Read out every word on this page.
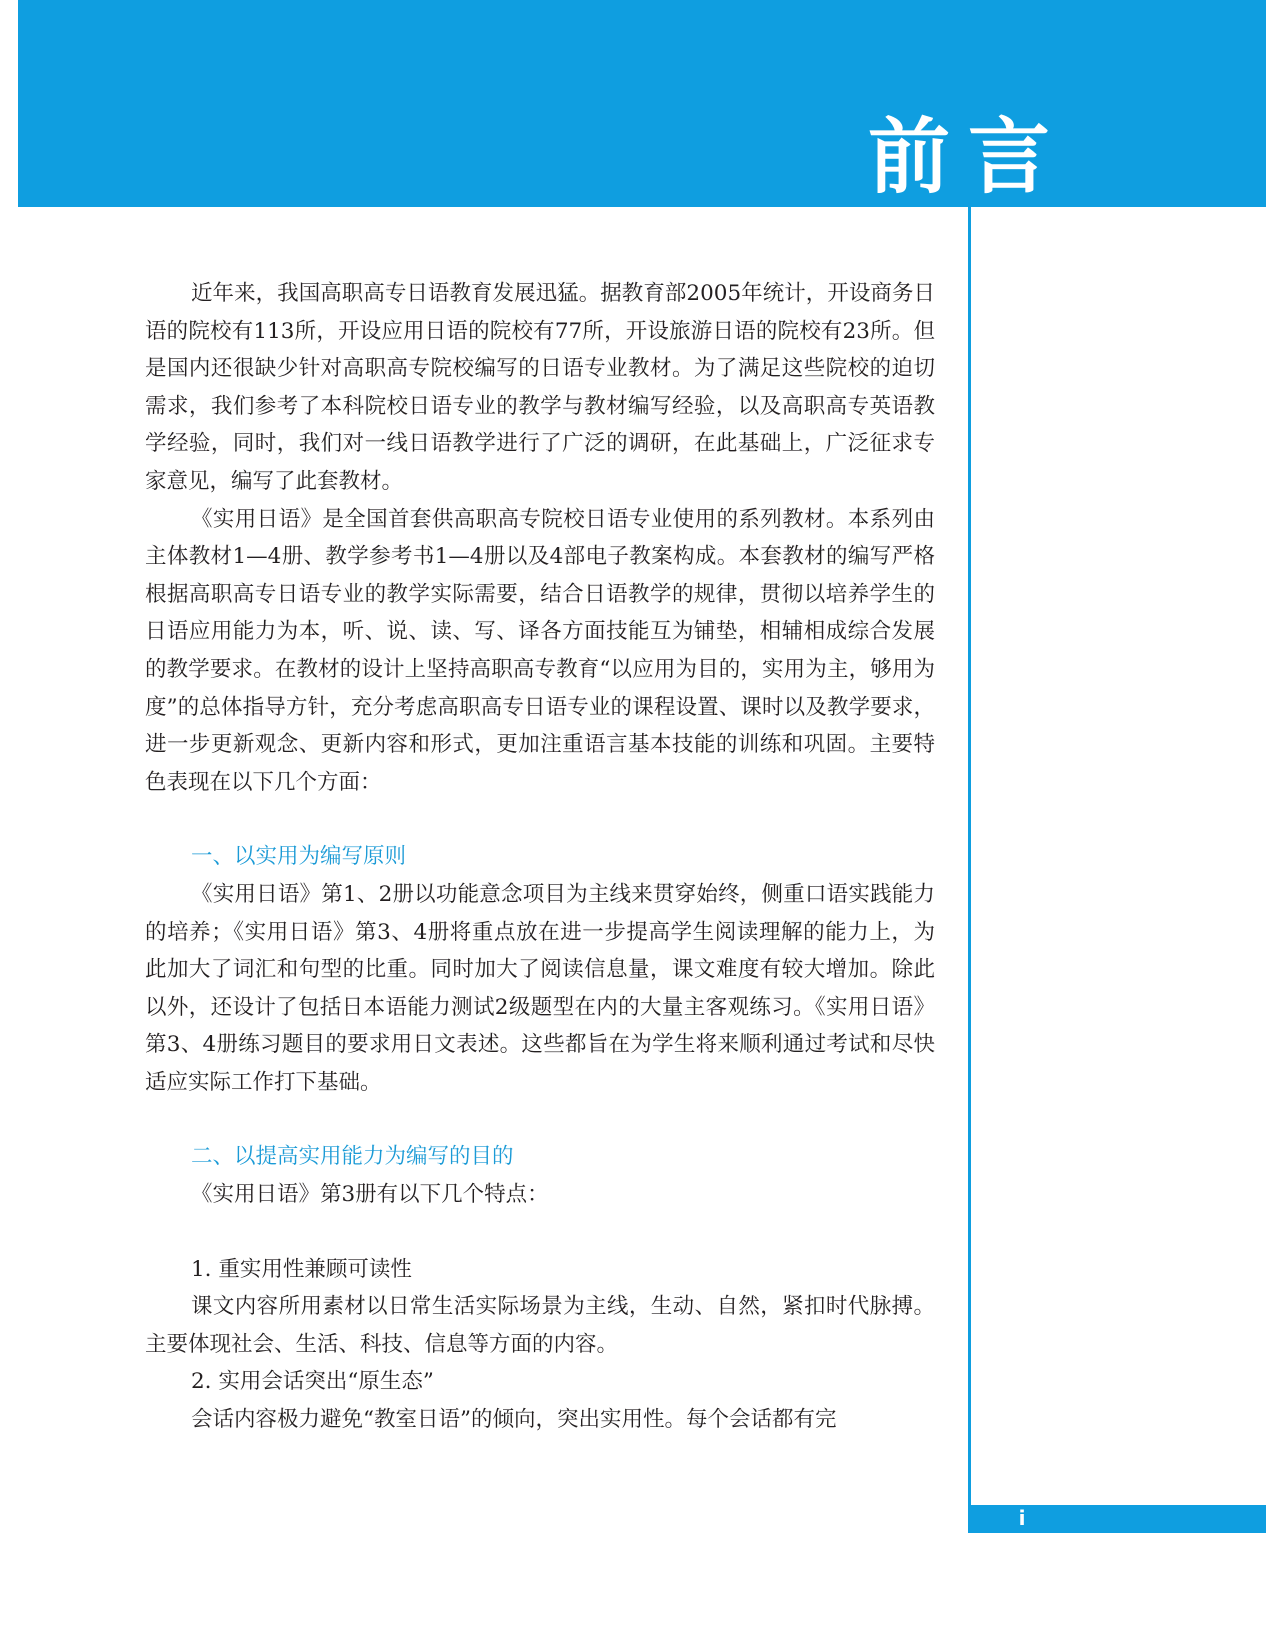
前 言

近年来，我国高职高专日语教育发展迅猛。据教育部2005年统计，开设商务日语的院校有113所，开设应用日语的院校有77所，开设旅游日语的院校有23所。但是国内还很缺少针对高职高专院校编写的日语专业教材。为了满足这些院校的迫切需求，我们参考了本科院校日语专业的教学与教材编写经验，以及高职高专英语教学经验，同时，我们对一线日语教学进行了广泛的调研，在此基础上，广泛征求专家意见，编写了此套教材。

《实用日语》是全国首套供高职高专院校日语专业使用的系列教材。本系列由主体教材1—4册、教学参考书1—4册以及4部电子教案构成。本套教材的编写严格根据高职高专日语专业的教学实际需要，结合日语教学的规律，贯彻以培养学生的日语应用能力为本，听、说、读、写、译各方面技能互为铺垫，相辅相成综合发展的教学要求。在教材的设计上坚持高职高专教育“以应用为目的，实用为主，够用为度”的总体指导方针，充分考虑高职高专日语专业的课程设置、课时以及教学要求，进一步更新观念、更新内容和形式，更加注重语言基本技能的训练和巩固。主要特色表现在以下几个方面：

一、以实用为编写原则

《实用日语》第1、2册以功能意念项目为主线来贯穿始终，侧重口语实践能力的培养；《实用日语》第3、4册将重点放在进一步提高学生阅读理解的能力上，为此加大了词汇和句型的比重。同时加大了阅读信息量，课文难度有较大增加。除此以外，还设计了包括日本语能力测试2级题型在内的大量主客观练习。《实用日语》第3、4册练习题目的要求用日文表述。这些都旨在为学生将来顺利通过考试和尽快适应实际工作打下基础。

二、以提高实用能力为编写的目的

《实用日语》第3册有以下几个特点：

1. 重实用性兼顾可读性

课文内容所用素材以日常生活实际场景为主线，生动、自然，紧扣时代脉搏。主要体现社会、生活、科技、信息等方面的内容。

2. 实用会话突出“原生态”

会话内容极力避免“教室日语”的倾向，突出实用性。每个会话都有完

i
